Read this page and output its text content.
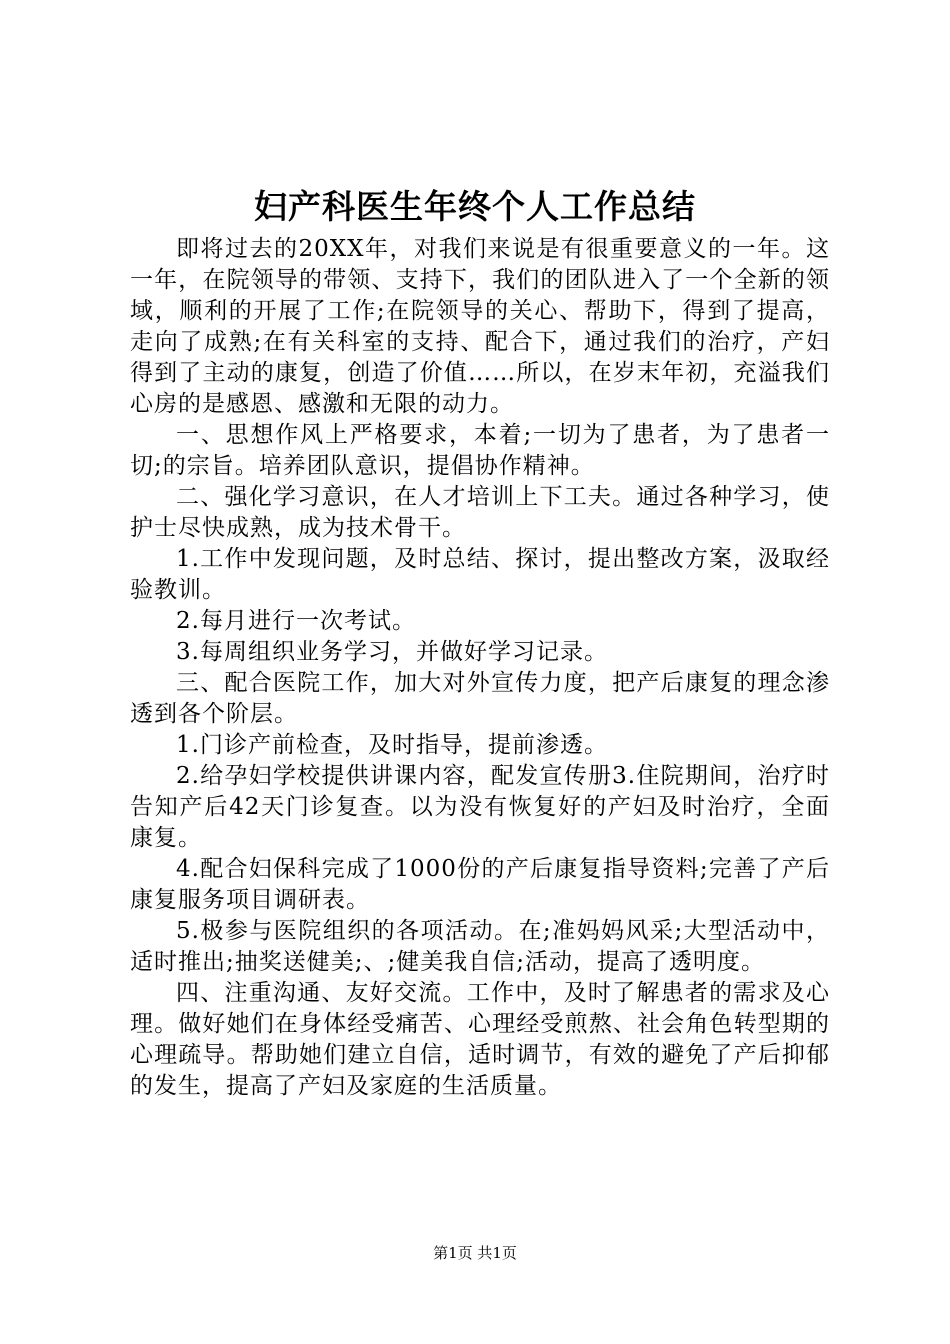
妇产科医生年终个人工作总结

即将过去的20XX年，对我们来说是有很重要意义的一年。这一年，在院领导的带领、支持下，我们的团队进入了一个全新的领域，顺利的开展了工作;在院领导的关心、帮助下，得到了提高，走向了成熟;在有关科室的支持、配合下，通过我们的治疗，产妇得到了主动的康复，创造了价值……所以，在岁末年初，充溢我们心房的是感恩、感激和无限的动力。

一、思想作风上严格要求，本着;一切为了患者，为了患者一切;的宗旨。培养团队意识，提倡协作精神。

二、强化学习意识，在人才培训上下工夫。通过各种学习，使护士尽快成熟，成为技术骨干。

1.工作中发现问题，及时总结、探讨，提出整改方案，汲取经验教训。

2.每月进行一次考试。

3.每周组织业务学习，并做好学习记录。

三、配合医院工作，加大对外宣传力度，把产后康复的理念渗透到各个阶层。

1.门诊产前检查，及时指导，提前渗透。

2.给孕妇学校提供讲课内容，配发宣传册3.住院期间，治疗时告知产后42天门诊复查。以为没有恢复好的产妇及时治疗，全面康复。

4.配合妇保科完成了1000份的产后康复指导资料;完善了产后康复服务项目调研表。

5.极参与医院组织的各项活动。在;准妈妈风采;大型活动中，适时推出;抽奖送健美;、;健美我自信;活动，提高了透明度。

四、注重沟通、友好交流。工作中，及时了解患者的需求及心理。做好她们在身体经受痛苦、心理经受煎熬、社会角色转型期的心理疏导。帮助她们建立自信，适时调节，有效的避免了产后抑郁的发生，提高了产妇及家庭的生活质量。

第1页 共1页
